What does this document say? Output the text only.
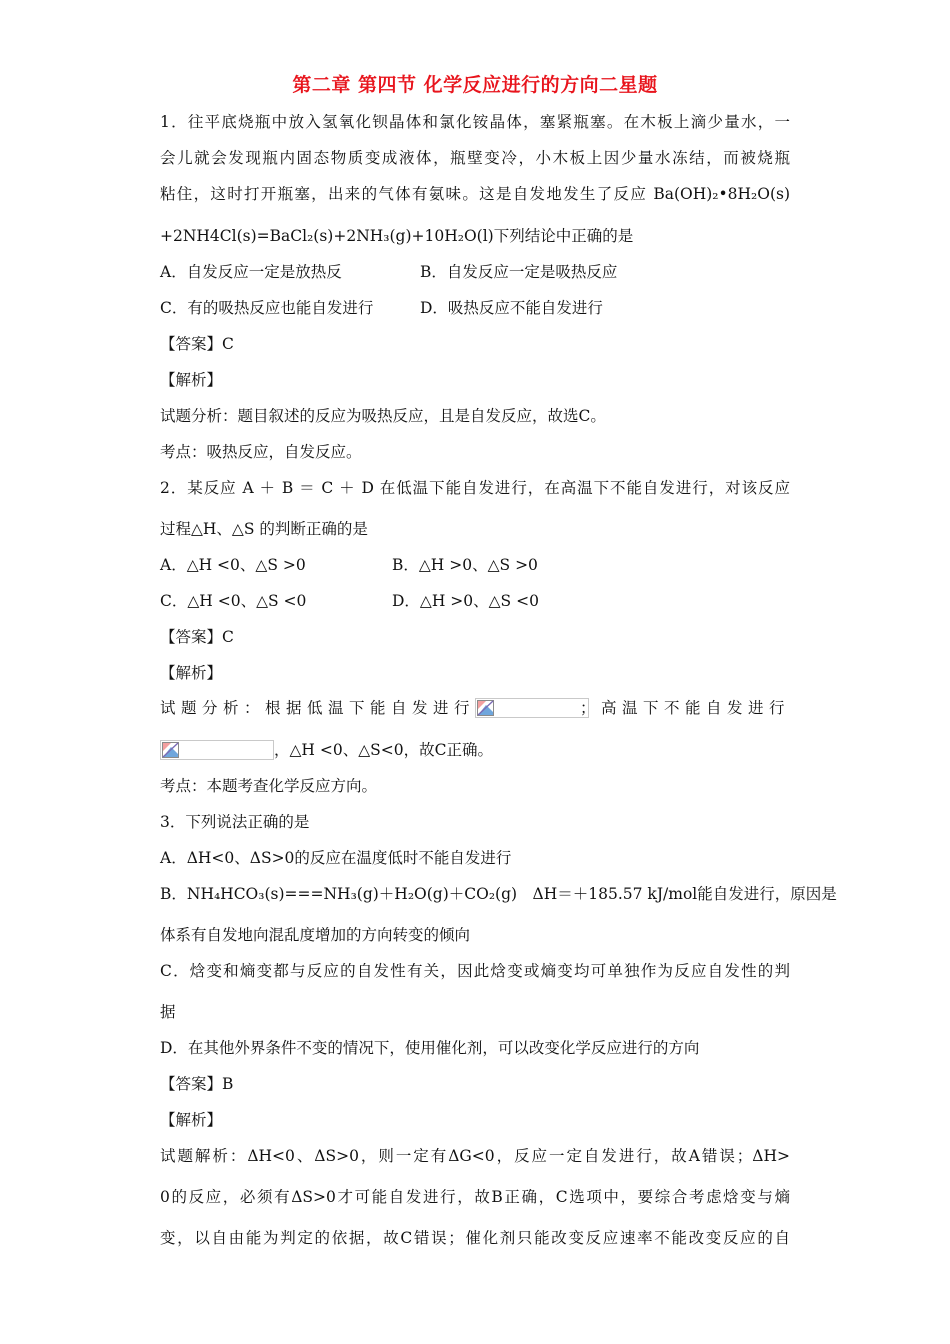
第二章 第四节 化学反应进行的方向二星题
1．往平底烧瓶中放入氢氧化钡晶体和氯化铵晶体，塞紧瓶塞。在木板上滴少量水，一
会儿就会发现瓶内固态物质变成液体，瓶壁变冷，小木板上因少量水冻结，而被烧瓶
粘住，这时打开瓶塞，出来的气体有氨味。这是自发地发生了反应 Ba(OH)₂•8H₂O(s)
+2NH4Cl(s)=BaCl₂(s)+2NH₃(g)+10H₂O(l)下列结论中正确的是
A．自发反应一定是放热反	B．自发反应一定是吸热反应
C．有的吸热反应也能自发进行	D．吸热反应不能自发进行
【答案】C
【解析】
试题分析：题目叙述的反应为吸热反应，且是自发反应，故选C。
考点：吸热反应，自发反应。
2．某反应 A ＋ B ＝ C ＋ D 在低温下能自发进行，在高温下不能自发进行，对该反应
过程△H、△S 的判断正确的是
A．△H <0、△S >0	B．△H >0、△S >0
C．△H <0、△S <0	D．△H >0、△S <0
【答案】C
【解析】
试题分析：根据低温下能自发进行	；高温下不能自发进行
，△H <0、△S<0，故C正确。
考点：本题考查化学反应方向。
3．下列说法正确的是
A．ΔH<0、ΔS>0的反应在温度低时不能自发进行
B．NH₄HCO₃(s)===NH₃(g)＋H₂O(g)＋CO₂(g)　ΔH＝＋185.57 kJ/mol能自发进行，原因是
体系有自发地向混乱度增加的方向转变的倾向
C．焓变和熵变都与反应的自发性有关，因此焓变或熵变均可单独作为反应自发性的判
据
D．在其他外界条件不变的情况下，使用催化剂，可以改变化学反应进行的方向
【答案】B
【解析】
试题解析：ΔH<0、ΔS>0，则一定有ΔG<0，反应一定自发进行，故A错误；ΔH>
0的反应，必须有ΔS>0才可能自发进行，故B正确，C选项中，要综合考虑焓变与熵
变，以自由能为判定的依据，故C错误；催化剂只能改变反应速率不能改变反应的自
